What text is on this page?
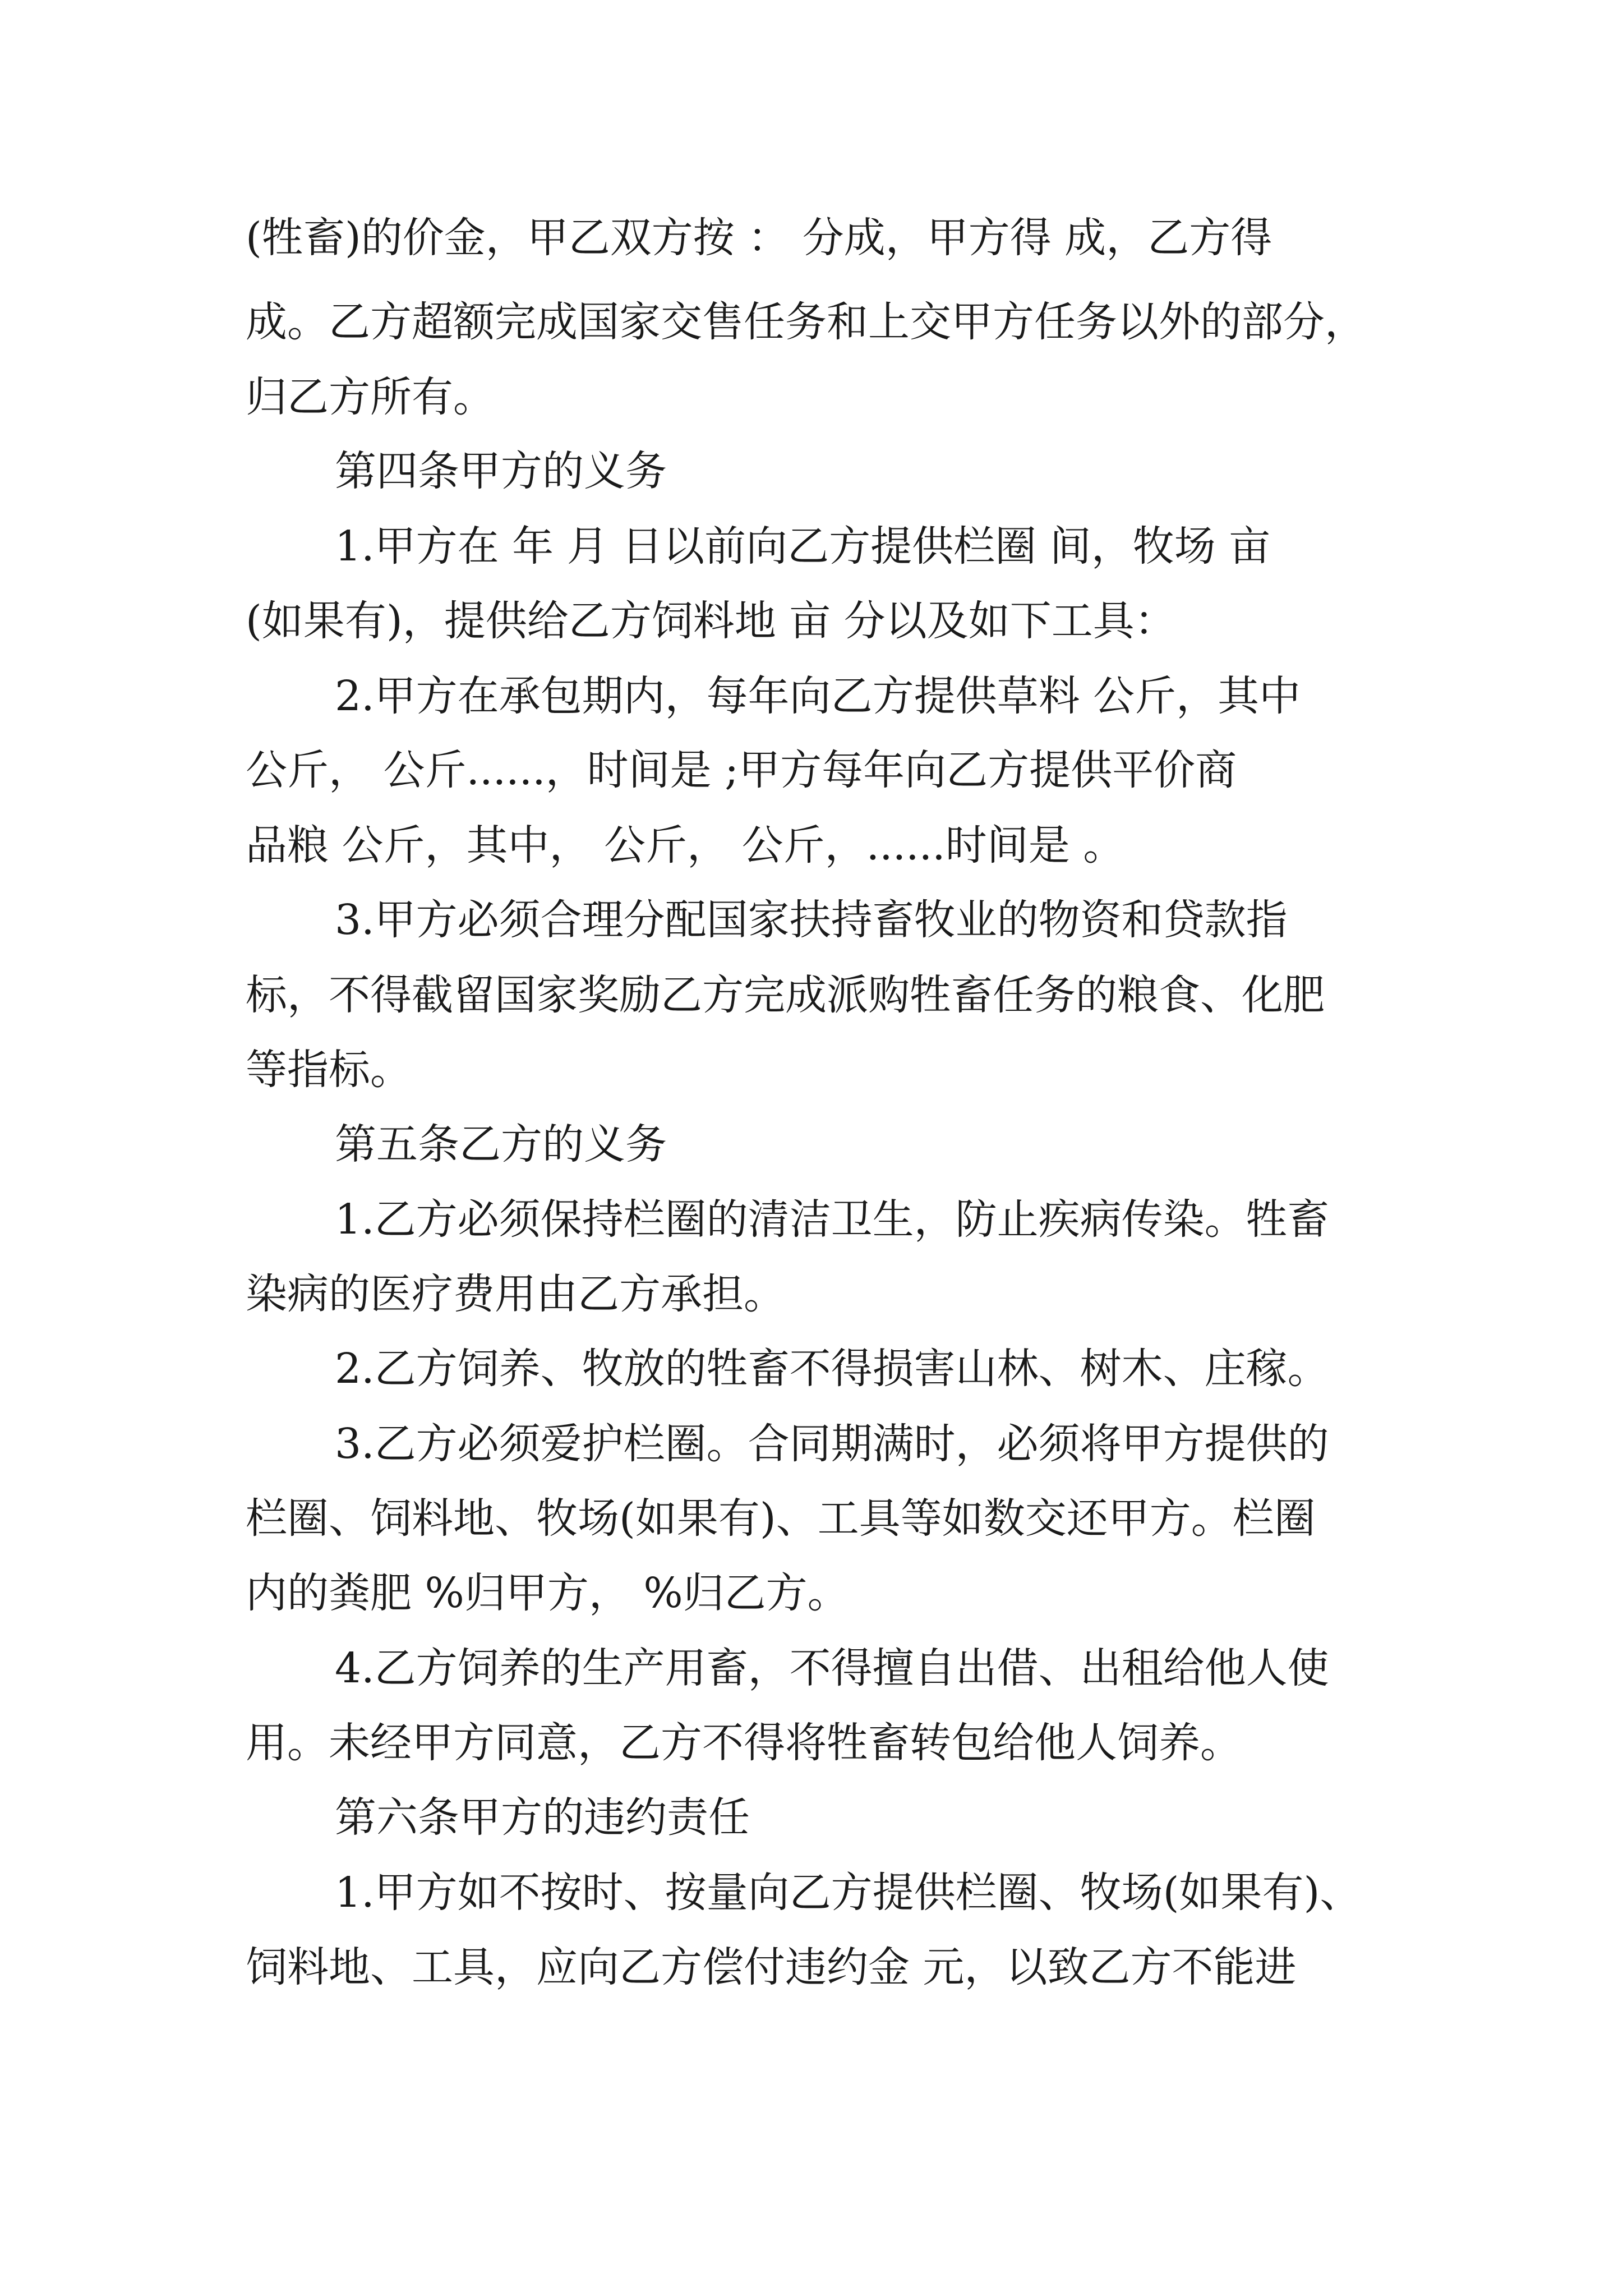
(牲畜)的价金，甲乙双方按 ： 分成，甲方得 成，乙方得

成。乙方超额完成国家交售任务和上交甲方任务以外的部分，

归乙方所有。

第四条甲方的义务

1.甲方在 年 月 日以前向乙方提供栏圈 间，牧场 亩

(如果有)，提供给乙方饲料地 亩 分以及如下工具：

2.甲方在承包期内，每年向乙方提供草料 公斤，其中

公斤， 公斤......，时间是 ;甲方每年向乙方提供平价商

品粮 公斤，其中， 公斤， 公斤，......时间是 。

3.甲方必须合理分配国家扶持畜牧业的物资和贷款指

标，不得截留国家奖励乙方完成派购牲畜任务的粮食、化肥

等指标。

第五条乙方的义务

1.乙方必须保持栏圈的清洁卫生，防止疾病传染。牲畜

染病的医疗费用由乙方承担。

2.乙方饲养、牧放的牲畜不得损害山林、树木、庄稼。

3.乙方必须爱护栏圈。合同期满时，必须将甲方提供的

栏圈、饲料地、牧场(如果有)、工具等如数交还甲方。栏圈

内的粪肥 %归甲方， %归乙方。

4.乙方饲养的生产用畜，不得擅自出借、出租给他人使

用。未经甲方同意，乙方不得将牲畜转包给他人饲养。

第六条甲方的违约责任

1.甲方如不按时、按量向乙方提供栏圈、牧场(如果有)、

饲料地、工具，应向乙方偿付违约金 元，以致乙方不能进
